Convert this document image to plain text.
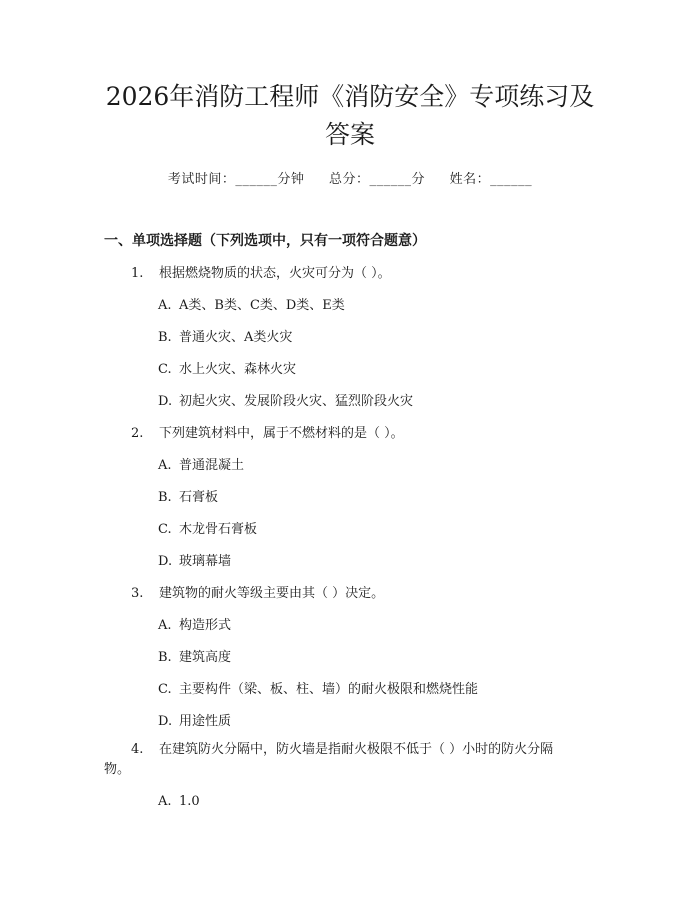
2026年消防工程师《消防安全》专项练习及
答案
考试时间：______分钟 总分：______分 姓名：______
一、单项选择题（下列选项中，只有一项符合题意）
1. 根据燃烧物质的状态，火灾可分为（ ）。
A. A类、B类、C类、D类、E类
B. 普通火灾、A类火灾
C. 水上火灾、森林火灾
D. 初起火灾、发展阶段火灾、猛烈阶段火灾
2. 下列建筑材料中，属于不燃材料的是（ ）。
A. 普通混凝土
B. 石膏板
C. 木龙骨石膏板
D. 玻璃幕墙
3. 建筑物的耐火等级主要由其（ ）决定。
A. 构造形式
B. 建筑高度
C. 主要构件（梁、板、柱、墙）的耐火极限和燃烧性能
D. 用途性质
4. 在建筑防火分隔中，防火墙是指耐火极限不低于（ ）小时的防火分隔
物。
A. 1.0
